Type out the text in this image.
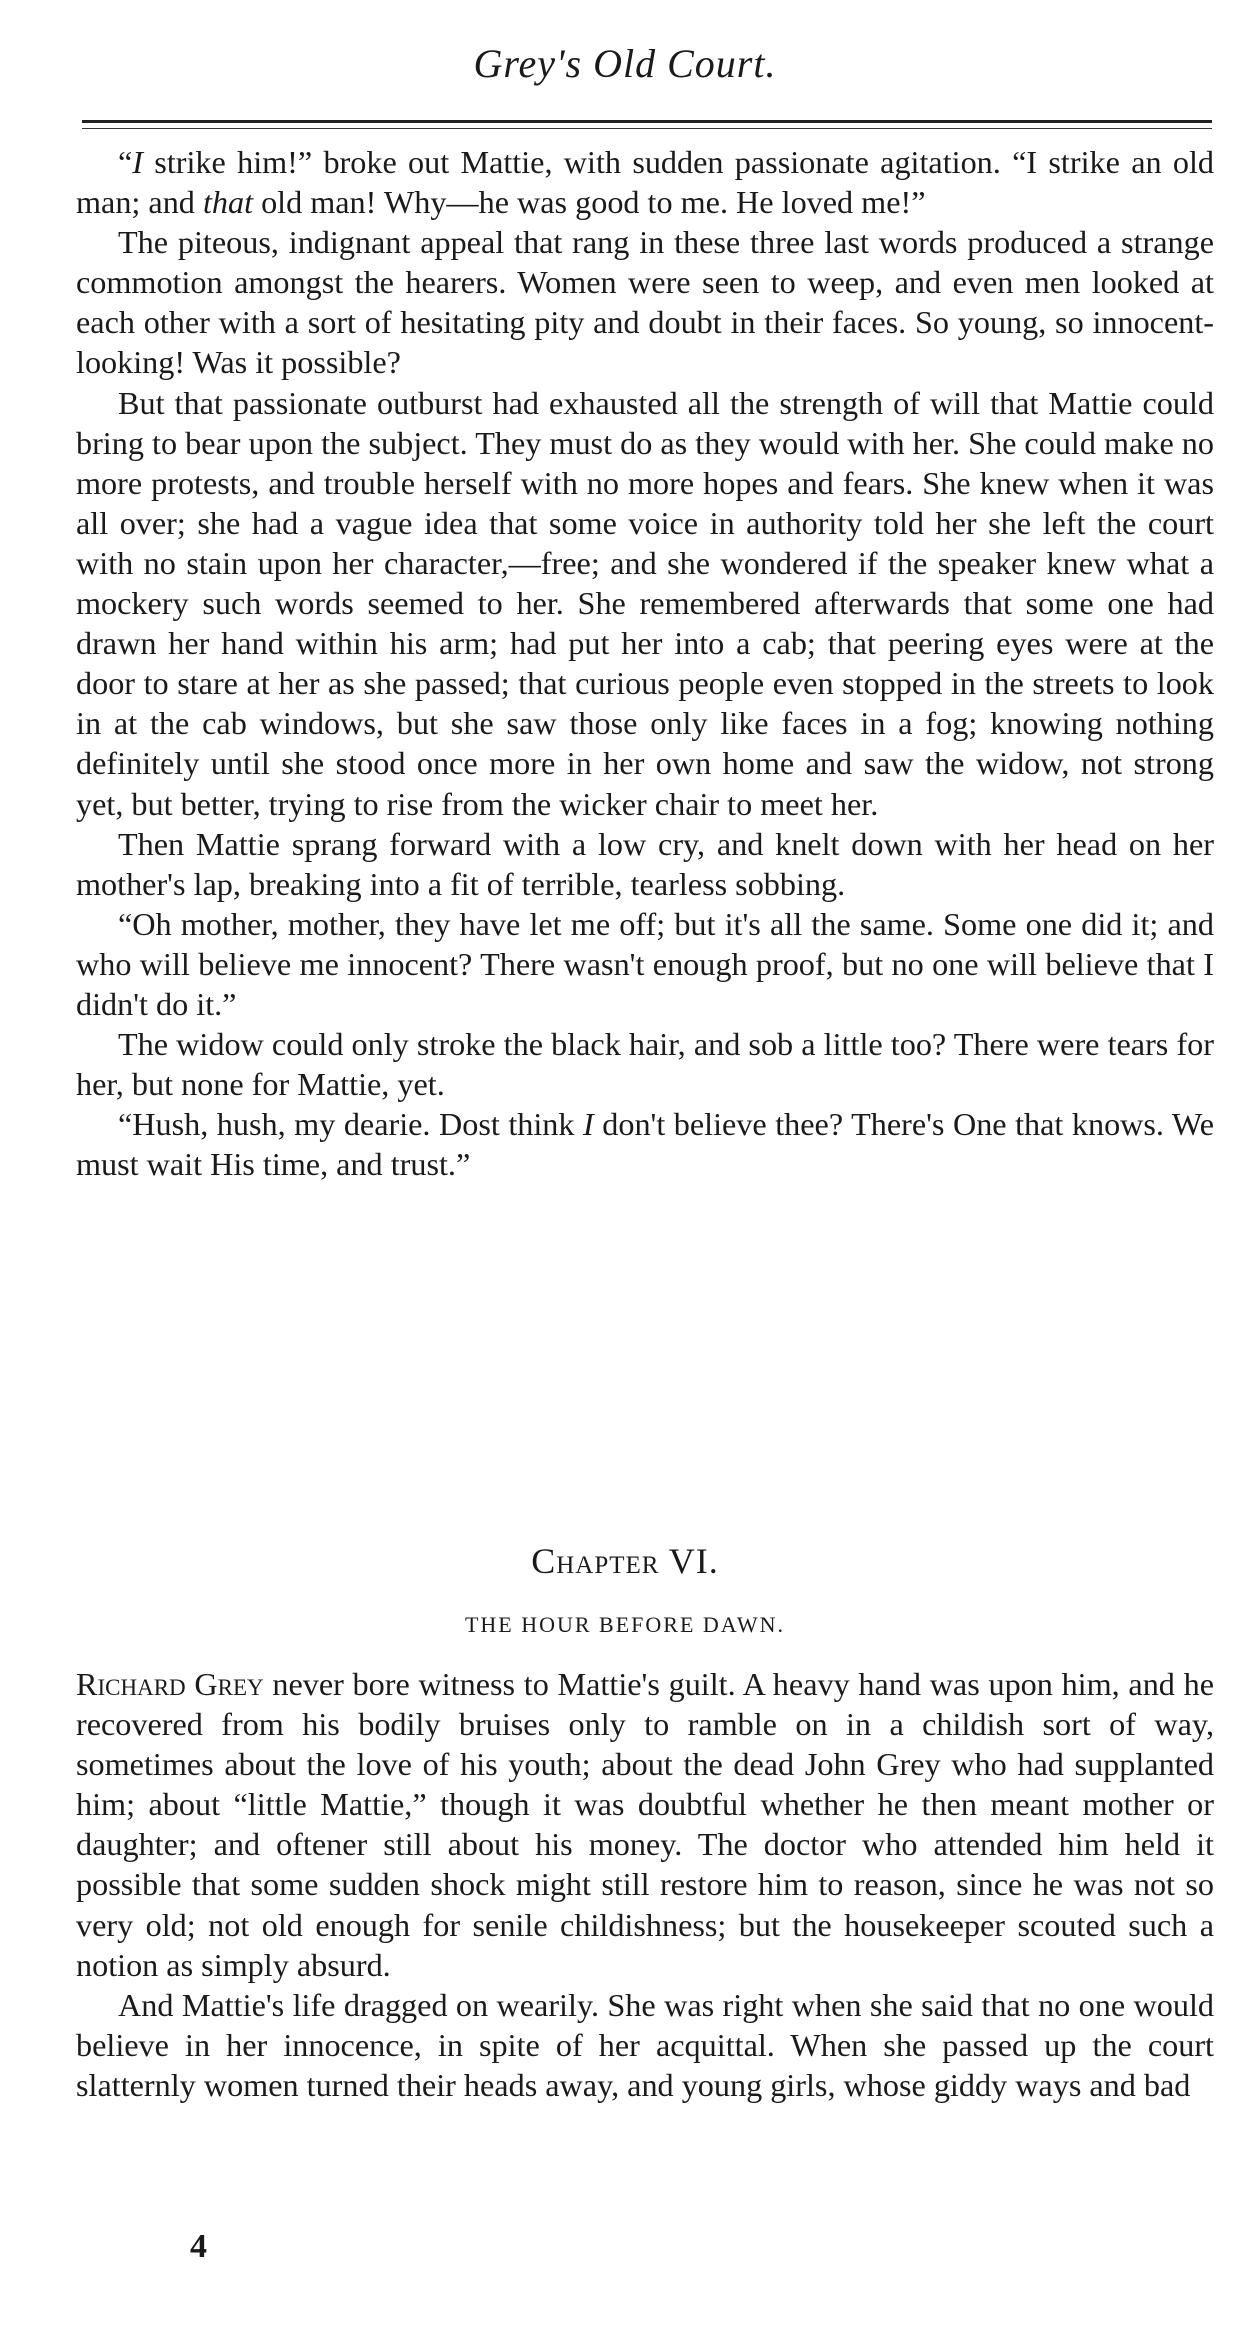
Grey's Old Court.

“I strike him!” broke out Mattie, with sudden passionate agitation. “I strike an old man; and that old man! Why—he was good to me. He loved me!”

The piteous, indignant appeal that rang in these three last words produced a strange commotion amongst the hearers. Women were seen to weep, and even men looked at each other with a sort of hesitating pity and doubt in their faces. So young, so innocent-looking! Was it possible?

But that passionate outburst had exhausted all the strength of will that Mattie could bring to bear upon the subject. They must do as they would with her. She could make no more protests, and trouble herself with no more hopes and fears. She knew when it was all over; she had a vague idea that some voice in authority told her she left the court with no stain upon her character,—free; and she wondered if the speaker knew what a mockery such words seemed to her. She remembered afterwards that some one had drawn her hand within his arm; had put her into a cab; that peering eyes were at the door to stare at her as she passed; that curious people even stopped in the streets to look in at the cab windows, but she saw those only like faces in a fog; knowing nothing definitely until she stood once more in her own home and saw the widow, not strong yet, but better, trying to rise from the wicker chair to meet her.

Then Mattie sprang forward with a low cry, and knelt down with her head on her mother's lap, breaking into a fit of terrible, tearless sobbing.

“Oh mother, mother, they have let me off; but it's all the same. Some one did it; and who will believe me innocent? There wasn't enough proof, but no one will believe that I didn't do it.”

The widow could only stroke the black hair, and sob a little too? There were tears for her, but none for Mattie, yet.

“Hush, hush, my dearie. Dost think I don't believe thee? There's One that knows. We must wait His time, and trust.”

Chapter VI.
THE HOUR BEFORE DAWN.

Richard Grey never bore witness to Mattie's guilt. A heavy hand was upon him, and he recovered from his bodily bruises only to ramble on in a childish sort of way, sometimes about the love of his youth; about the dead John Grey who had supplanted him; about “little Mattie,” though it was doubtful whether he then meant mother or daughter; and oftener still about his money. The doctor who attended him held it possible that some sudden shock might still restore him to reason, since he was not so very old; not old enough for senile childishness; but the housekeeper scouted such a notion as simply absurd.

And Mattie's life dragged on wearily. She was right when she said that no one would believe in her innocence, in spite of her acquittal. When she passed up the court slatternly women turned their heads away, and young girls, whose giddy ways and bad

4
